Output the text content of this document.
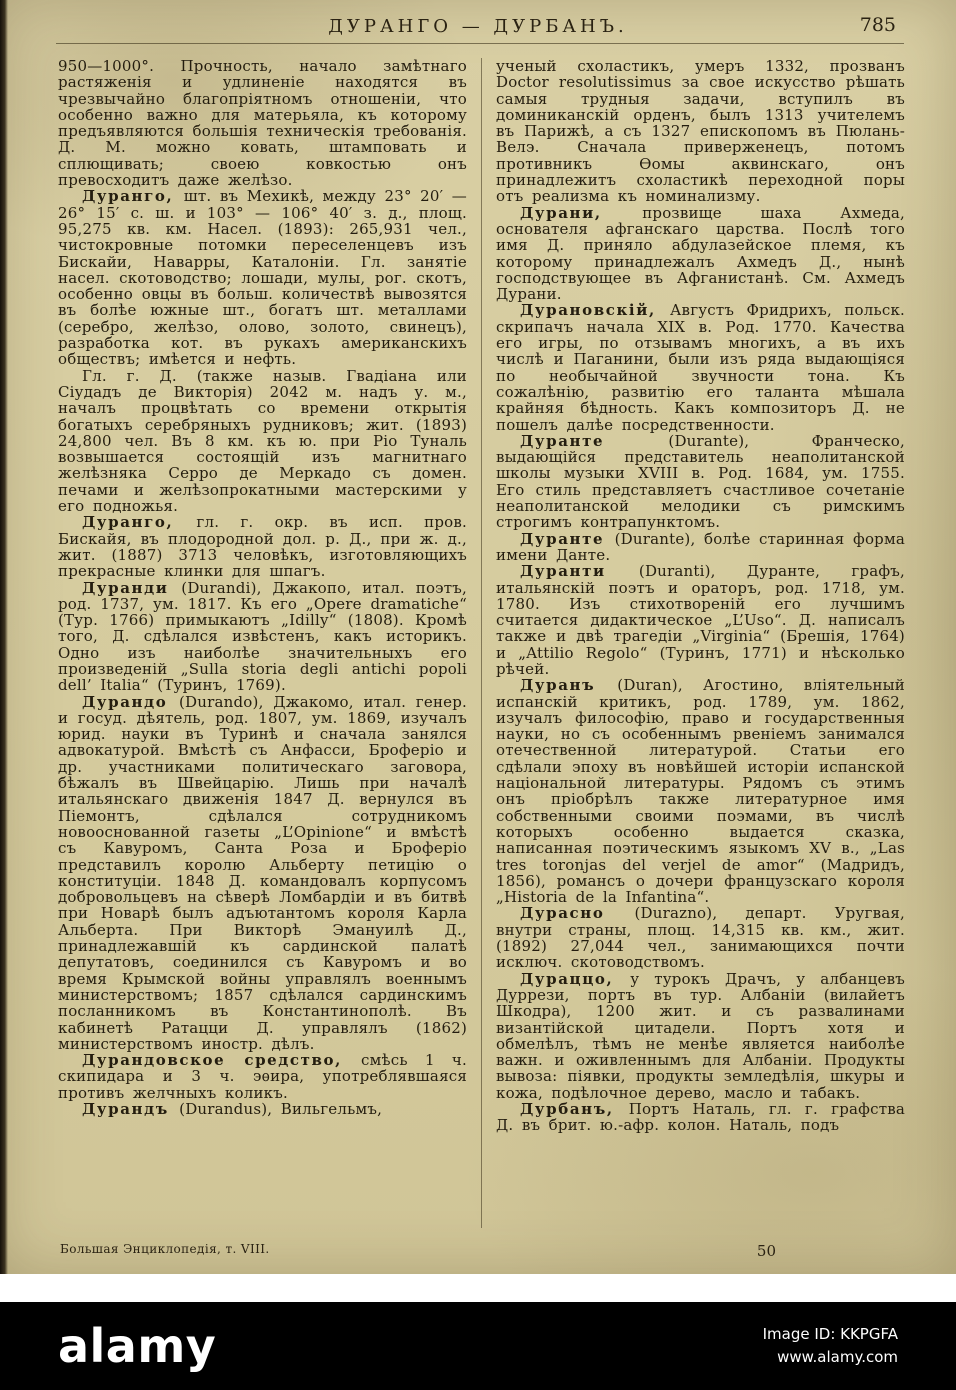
ДУРАНГО — ДУРБАНЪ.	785

950—1000°. Прочность, начало замѣтнаго растяженія и удлиненіе находятся въ чрезвычайно благопріятномъ отношеніи, что особенно важно для матерьяла, къ которому предъявляются большія техническія требованія. Д. М. можно ковать, штамповать и сплющивать; своею ковкостью онъ превосходитъ даже желѣзо.

Дуранго, шт. въ Мехикѣ, между 23° 20′ — 26° 15′ с. ш. и 103° — 106° 40′ з. д., площ. 95,275 кв. км. Насел. (1893): 265,931 чел., чистокровные потомки переселенцевъ изъ Бискайи, Наварры, Каталоніи. Гл. занятіе насел. скотоводство; лошади, мулы, рог. скотъ, особенно овцы въ больш. количествѣ вывозятся въ болѣе южные шт., богатъ шт. металлами (серебро, желѣзо, олово, золото, свинецъ), разработка кот. въ рукахъ американскихъ обществъ; имѣется и нефть.

Гл. г. Д. (также назыв. Гвадіана или Сіудадъ де Викторія) 2042 м. надъ у. м., началъ процвѣтать со времени открытія богатыхъ серебряныхъ рудниковъ; жит. (1893) 24,800 чел. Въ 8 км. къ ю. при Ріо Туналь возвышается состоящій изъ магнитнаго желѣзняка Серро де Меркадо съ домен. печами и желѣзопрокатными мастерскими у его подножья.

Дуранго, гл. г. окр. въ исп. пров. Бискайя, въ плодородной дол. р. Д., при ж. д., жит. (1887) 3713 человѣкъ, изготовляющихъ прекрасные клинки для шпагъ.

Дуранди (Durandi), Джакопо, итал. поэтъ, род. 1737, ум. 1817. Къ его „Opere dramatiche“ (Тур. 1766) примыкаютъ „Idilly“ (1808). Кромѣ того, Д. сдѣлался извѣстенъ, какъ историкъ. Одно изъ наиболѣе значительныхъ его произведеній „Sulla storia degli antichi popoli dell’ Italia“ (Туринъ, 1769).

Дурандо (Durando), Джакомо, итал. генер. и госуд. дѣятель, род. 1807, ум. 1869, изучалъ юрид. науки въ Туринѣ и сначала занялся адвокатурой. Вмѣстѣ съ Анфасси, Броферіо и др. участниками политическаго заговора, бѣжалъ въ Швейцарію. Лишь при началѣ итальянскаго движенія 1847 Д. вернулся въ Піемонтъ, сдѣлался сотрудникомъ новооснованной газеты „L’Opinione“ и вмѣстѣ съ Кавуромъ, Санта Роза и Броферіо представилъ королю Альберту петицію о конституціи. 1848 Д. командовалъ корпусомъ добровольцевъ на сѣверѣ Ломбардіи и въ битвѣ при Новарѣ былъ адъютантомъ короля Карла Альберта. При Викторѣ Эмануилѣ Д., принадлежавшій къ сардинской палатѣ депутатовъ, соединился съ Кавуромъ и во время Крымской войны управлялъ военнымъ министерствомъ; 1857 сдѣлался сардинскимъ посланникомъ въ Константинополѣ. Въ кабинетѣ Ратацци Д. управлялъ (1862) министерствомъ иностр. дѣлъ.

Дурандовское средство, смѣсь 1 ч. скипидара и 3 ч. эѳира, употреблявшаяся противъ желчныхъ коликъ.

Дурандъ (Durandus), Вильгельмъ,

ученый схоластикъ, умеръ 1332, прозванъ Doctor resolutissimus за свое искусство рѣшать самыя трудныя задачи, вступилъ въ доминиканскій орденъ, былъ 1313 учителемъ въ Парижѣ, а съ 1327 епископомъ въ Пюлань-Велэ. Сначала приверженецъ, потомъ противникъ Ѳомы аквинскаго, онъ принадлежитъ схоластикѣ переходной поры отъ реализма къ номинализму.

Дурани, прозвище шаха Ахмеда, основателя афганскаго царства. Послѣ того имя Д. приняло абдулазейское племя, къ которому принадлежалъ Ахмедъ Д., нынѣ господствующее въ Афганистанѣ. См. Ахмедъ Дурани.

Дурановскій, Августъ Фридрихъ, польск. скрипачъ начала XIX в. Род. 1770. Качества его игры, по отзывамъ многихъ, а въ ихъ числѣ и Паганини, были изъ ряда выдающіяся по необычайной звучности тона. Къ сожалѣнію, развитію его таланта мѣшала крайняя бѣдность. Какъ композиторъ Д. не пошелъ далѣе посредственности.

Дуранте (Durante), Франческо, выдающійся представитель неаполитанской школы музыки XVIII в. Род. 1684, ум. 1755. Его стиль представляетъ счастливое сочетаніе неаполитанской мелодики съ римскимъ строгимъ контрапунктомъ.

Дуранте (Durante), болѣе старинная форма имени Данте.

Дуранти (Duranti), Дуранте, графъ, итальянскій поэтъ и ораторъ, род. 1718, ум. 1780. Изъ стихотвореній его лучшимъ считается дидактическое „L’Uso“. Д. написалъ также и двѣ трагедіи „Virginia“ (Брешія, 1764) и „Attilio Regolo“ (Туринъ, 1771) и нѣсколько рѣчей.

Дуранъ (Duran), Агостино, вліятельный испанскій критикъ, род. 1789, ум. 1862, изучалъ философію, право и государственныя науки, но съ особеннымъ рвеніемъ занимался отечественной литературой. Статьи его сдѣлали эпоху въ новѣйшей исторіи испанской національной литературы. Рядомъ съ этимъ онъ пріобрѣлъ также литературное имя собственными своими поэмами, въ числѣ которыхъ особенно выдается сказка, написанная поэтическимъ языкомъ XV в., „Las tres toronjas del verjel de amor“ (Мадридъ, 1856), романсъ о дочери французскаго короля „Historia de la Infantina“.

Дурасно (Durazno), департ. Уругвая, внутри страны, площ. 14,315 кв. км., жит. (1892) 27,044 чел., занимающихся почти исключ. скотоводствомъ.

Дураццо, у турокъ Драчъ, у албанцевъ Дуррези, портъ въ тур. Албаніи (вилайетъ Шкодра), 1200 жит. и съ развалинами византійской цитадели. Портъ хотя и обмелѣлъ, тѣмъ не менѣе является наиболѣе важн. и оживленнымъ для Албаніи. Продукты вывоза: піявки, продукты земледѣлія, шкуры и кожа, подѣлочное дерево, масло и табакъ.

Дурбанъ, Портъ Наталь, гл. г. графства Д. въ брит. ю.-афр. колон. Наталь, подъ

Большая Энциклопедія, т. VIII.	50
alamy	Image ID: KKPGFA
www.alamy.com
